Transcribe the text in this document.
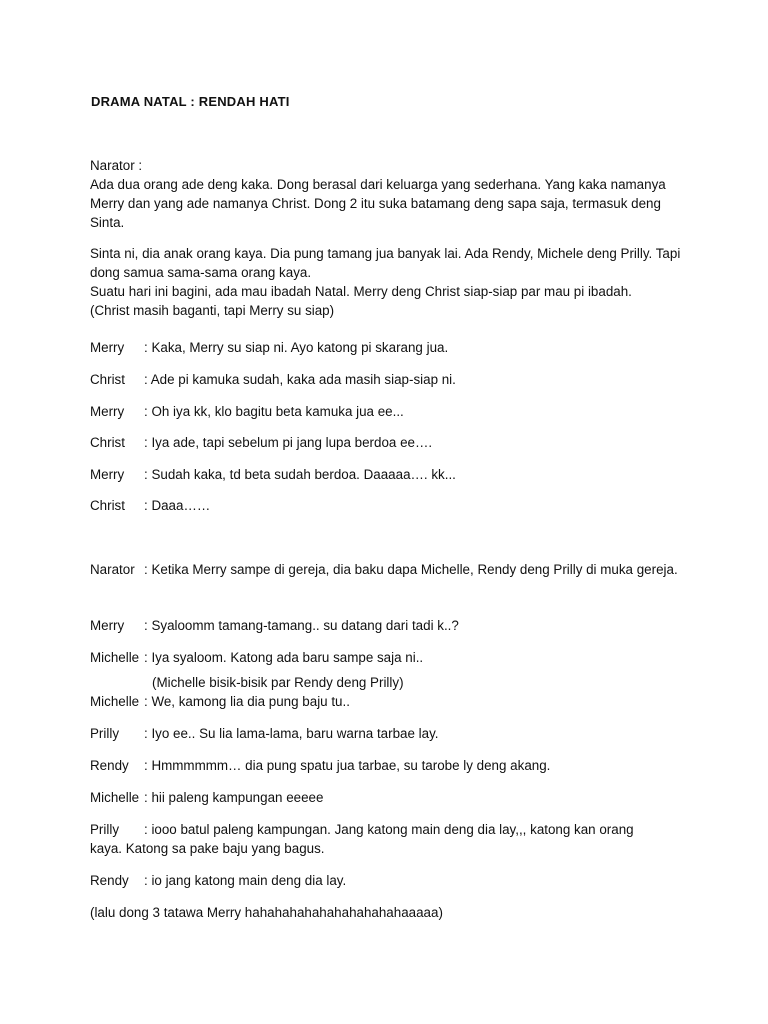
DRAMA NATAL : RENDAH HATI
Narator :

Ada dua orang ade deng kaka. Dong berasal dari keluarga yang sederhana. Yang kaka namanya Merry dan yang ade namanya Christ. Dong 2 itu suka batamang deng sapa saja, termasuk deng Sinta.

Sinta ni, dia anak orang kaya. Dia pung tamang jua banyak lai. Ada Rendy, Michele deng Prilly. Tapi dong samua sama-sama orang kaya.
Suatu hari ini bagini, ada mau ibadah Natal. Merry deng Christ siap-siap par mau pi ibadah.
(Christ masih baganti, tapi Merry su siap)
Merry : Kaka, Merry su siap ni. Ayo katong pi skarang jua.
Christ : Ade pi kamuka sudah, kaka ada masih siap-siap ni.
Merry : Oh iya kk, klo bagitu beta kamuka jua ee...
Christ : Iya ade, tapi sebelum pi jang lupa berdoa ee….
Merry : Sudah kaka, td beta sudah berdoa. Daaaaa…. kk...
Christ : Daaa……
Narator : Ketika Merry sampe di gereja, dia baku dapa Michelle, Rendy deng Prilly di muka gereja.
Merry : Syaloomm tamang-tamang.. su datang dari tadi k..?
Michelle : Iya syaloom. Katong ada baru sampe saja ni..
(Michelle bisik-bisik par Rendy deng Prilly)
Michelle : We, kamong lia dia pung baju tu..
Prilly : Iyo ee.. Su lia lama-lama, baru warna tarbae lay.
Rendy : Hmmmmmm… dia pung spatu jua tarbae, su tarobe ly deng akang.
Michelle : hii paleng kampungan eeeee
Prilly : iooo batul paleng kampungan. Jang katong main deng dia lay,,, katong kan orang
kaya. Katong sa pake baju yang bagus.
Rendy : io jang katong main deng dia lay.
(lalu dong 3 tatawa Merry hahahahahahahahahahahaaaaa)
